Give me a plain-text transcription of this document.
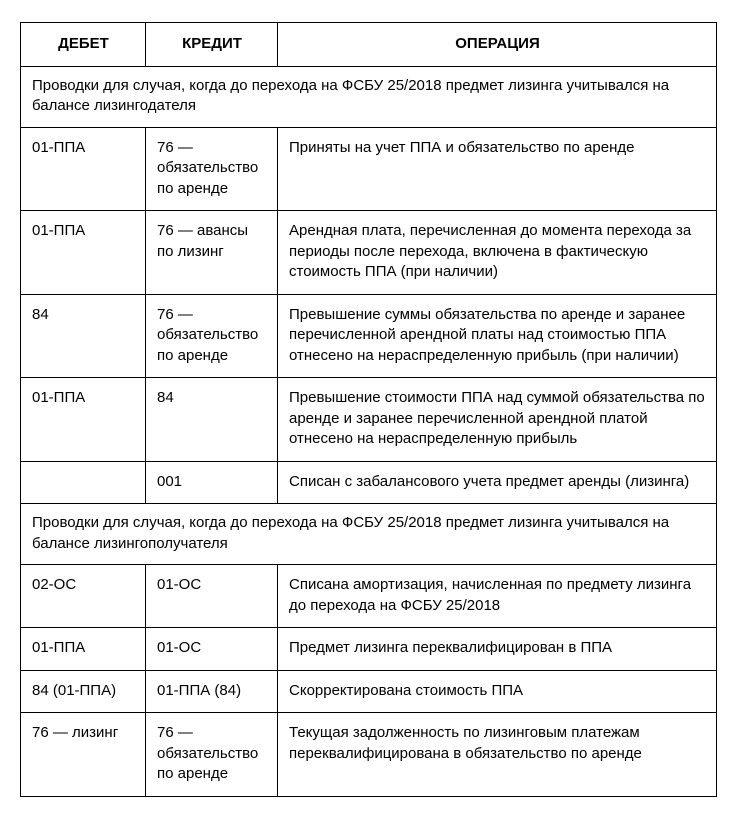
ДЕБЕТ	КРЕДИТ	ОПЕРАЦИЯ
Проводки для случая, когда до перехода на ФСБУ 25/2018 предмет лизинга учитывался на балансе лизингодателя		
01-ППА	76 — обязательство по аренде	Приняты на учет ППА и обязательство по аренде
01-ППА	76 — авансы по лизинг	Арендная плата, перечисленная до момента перехода за периоды после перехода, включена в фактическую стоимость ППА (при наличии)
84	76 — обязательство по аренде	Превышение суммы обязательства по аренде и заранее перечисленной арендной платы над стоимостью ППА отнесено на нераспределенную прибыль (при наличии)
01-ППА	84	Превышение стоимости ППА над суммой обязательства по аренде и заранее перечисленной арендной платой отнесено на нераспределенную прибыль
	001	Списан с забалансового учета предмет аренды (лизинга)
Проводки для случая, когда до перехода на ФСБУ 25/2018 предмет лизинга учитывался на балансе лизингополучателя		
02-ОС	01-ОС	Списана амортизация, начисленная по предмету лизинга до перехода на ФСБУ 25/2018
01-ППА	01-ОС	Предмет лизинга переквалифицирован в ППА
84 (01-ППА)	01-ППА (84)	Скорректирована стоимость ППА
76 — лизинг	76 — обязательство по аренде	Текущая задолженность по лизинговым платежам переквалифицирована в обязательство по аренде
